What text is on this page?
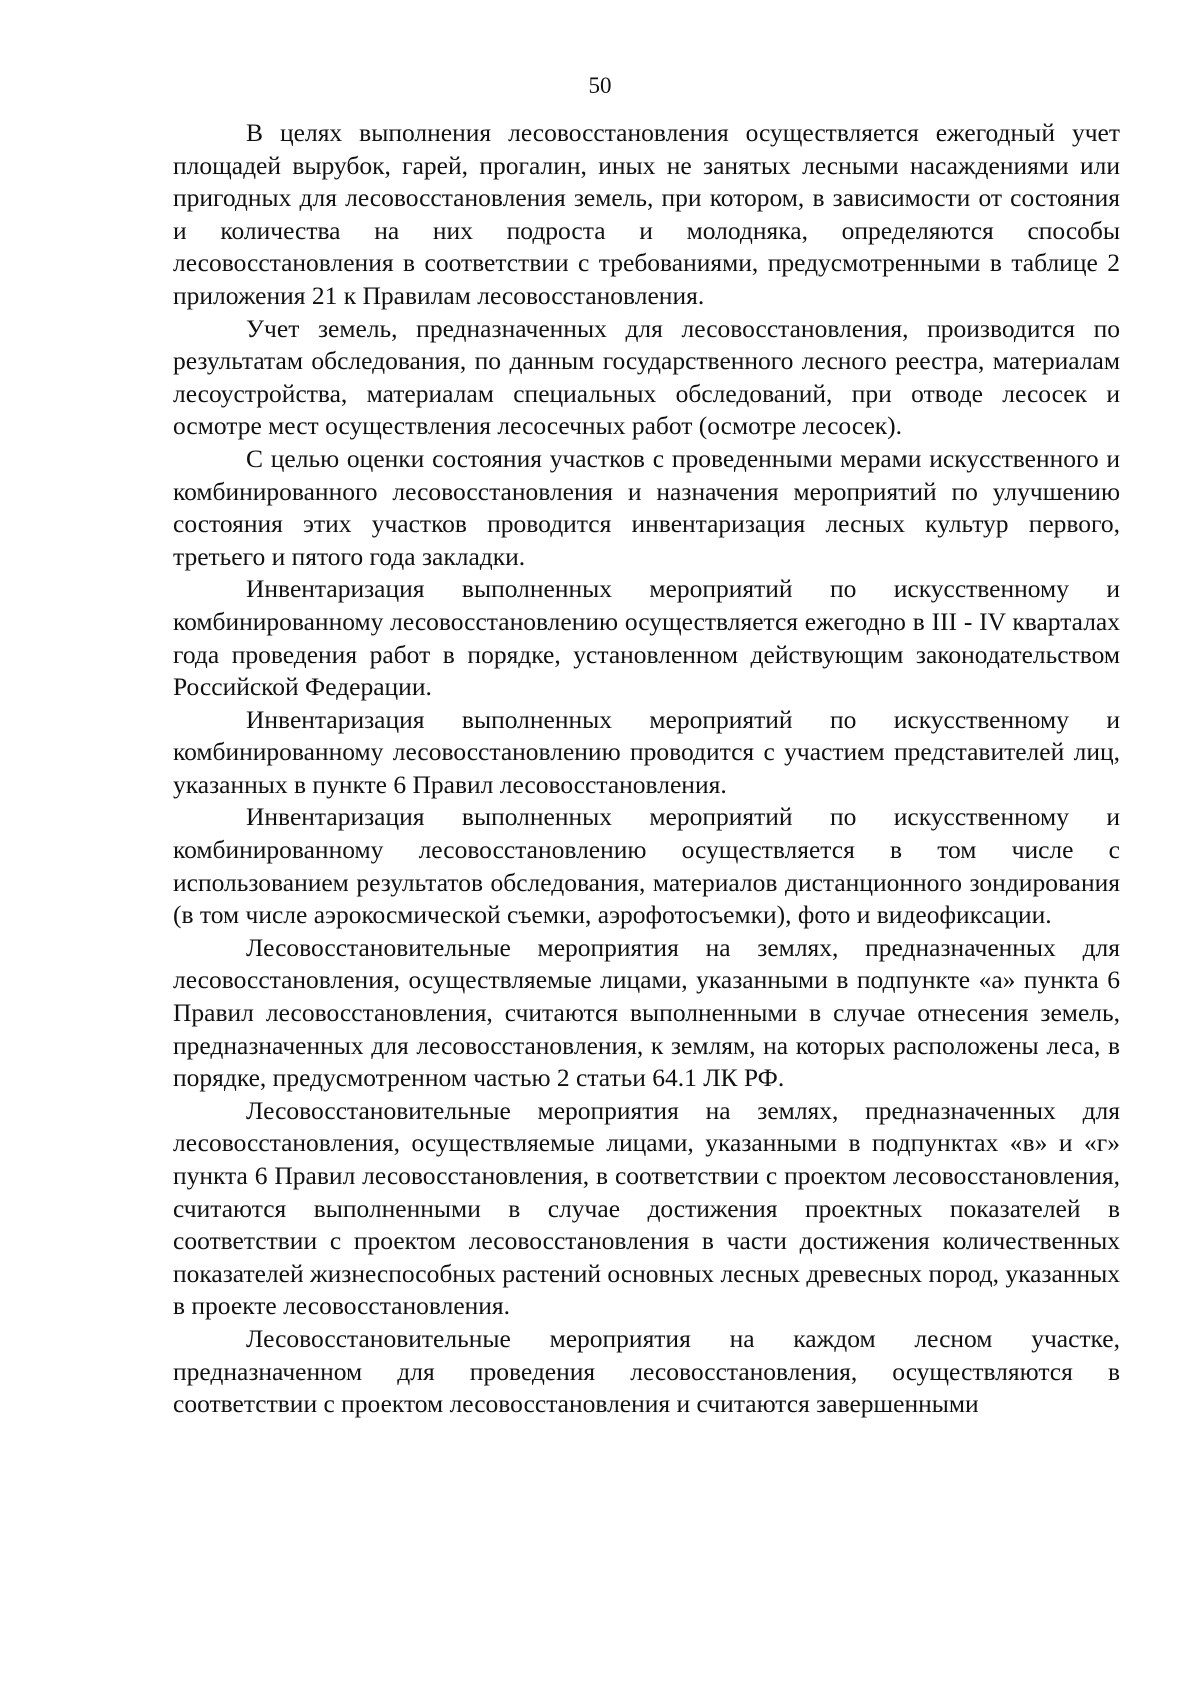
50

В целях выполнения лесовосстановления осуществляется ежегодный учет площадей вырубок, гарей, прогалин, иных не занятых лесными насаждениями или пригодных для лесовосстановления земель, при котором, в зависимости от состояния и количества на них подроста и молодняка, определяются способы лесовосстановления в соответствии с требованиями, предусмотренными в таблице 2 приложения 21 к Правилам лесовосстановления.

Учет земель, предназначенных для лесовосстановления, производится по результатам обследования, по данным государственного лесного реестра, материалам лесоустройства, материалам специальных обследований, при отводе лесосек и осмотре мест осуществления лесосечных работ (осмотре лесосек).

С целью оценки состояния участков с проведенными мерами искусственного и комбинированного лесовосстановления и назначения мероприятий по улучшению состояния этих участков проводится инвентаризация лесных культур первого, третьего и пятого года закладки.

Инвентаризация выполненных мероприятий по искусственному и комбинированному лесовосстановлению осуществляется ежегодно в III - IV кварталах года проведения работ в порядке, установленном действующим законодательством Российской Федерации.

Инвентаризация выполненных мероприятий по искусственному и комбинированному лесовосстановлению проводится с участием представителей лиц, указанных в пункте 6 Правил лесовосстановления.

Инвентаризация выполненных мероприятий по искусственному и комбинированному лесовосстановлению осуществляется в том числе с использованием результатов обследования, материалов дистанционного зондирования (в том числе аэрокосмической съемки, аэрофотосъемки), фото и видеофиксации.

Лесовосстановительные мероприятия на землях, предназначенных для лесовосстановления, осуществляемые лицами, указанными в подпункте «а» пункта 6 Правил лесовосстановления, считаются выполненными в случае отнесения земель, предназначенных для лесовосстановления, к землям, на которых расположены леса, в порядке, предусмотренном частью 2 статьи 64.1 ЛК РФ.

Лесовосстановительные мероприятия на землях, предназначенных для лесовосстановления, осуществляемые лицами, указанными в подпунктах «в» и «г» пункта 6 Правил лесовосстановления, в соответствии с проектом лесовосстановления, считаются выполненными в случае достижения проектных показателей в соответствии с проектом лесовосстановления в части достижения количественных показателей жизнеспособных растений основных лесных древесных пород, указанных в проекте лесовосстановления.

Лесовосстановительные мероприятия на каждом лесном участке, предназначенном для проведения лесовосстановления, осуществляются в соответствии с проектом лесовосстановления и считаются завершенными
